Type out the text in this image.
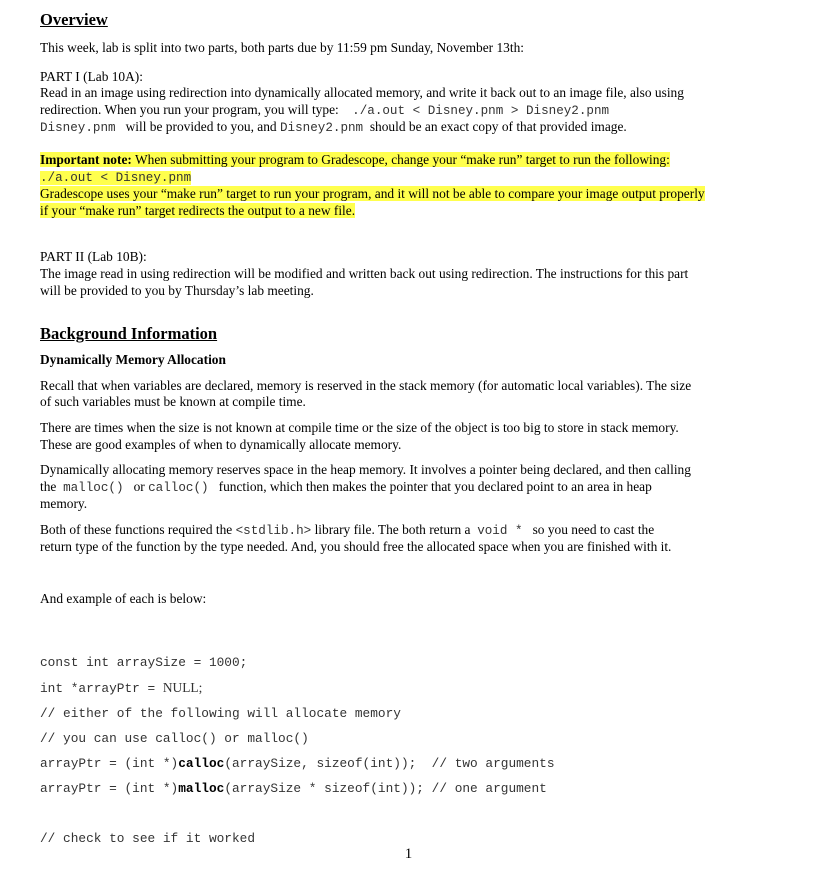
Overview

This week, lab is split into two parts, both parts due by 11:59 pm Sunday, November 13th:

PART I (Lab 10A):

Read in an image using redirection into dynamically allocated memory, and write it back out to an image file, also using

redirection. When you run your program, you will type: ./a.out < Disney.pnm > Disney2.pnm

Disney.pnm will be provided to you, and Disney2.pnm should be an exact copy of that provided image.

Important note: When submitting your program to Gradescope, change your “make run” target to run the following:

./a.out < Disney.pnm

Gradescope uses your “make run” target to run your program, and it will not be able to compare your image output properly

if your “make run” target redirects the output to a new file.

PART II (Lab 10B):

The image read in using redirection will be modified and written back out using redirection. The instructions for this part

will be provided to you by Thursday’s lab meeting.

Background Information
Dynamically Memory Allocation

Recall that when variables are declared, memory is reserved in the stack memory (for automatic local variables). The size

of such variables must be known at compile time.

There are times when the size is not known at compile time or the size of the object is too big to store in stack memory.

These are good examples of when to dynamically allocate memory.

Dynamically allocating memory reserves space in the heap memory. It involves a pointer being declared, and then calling

the malloc() or calloc() function, which then makes the pointer that you declared point to an area in heap

memory.

Both of these functions required the <stdlib.h> library file. The both return a void * so you need to cast the

return type of the function by the type needed. And, you should free the allocated space when you are finished with it.

And example of each is below:

const int arraySize = 1000;
int *arrayPtr = NULL;
// either of the following will allocate memory
// you can use calloc() or malloc()
arrayPtr = (int *)calloc(arraySize, sizeof(int));  // two arguments
arrayPtr = (int *)malloc(arraySize * sizeof(int)); // one argument
// check to see if it worked
1
